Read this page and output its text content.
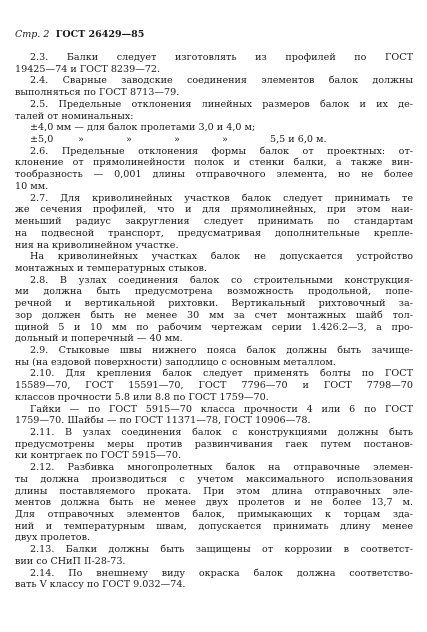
Стр. 2 ГОСТ 26429—85
2.3. Балки следует изготовлять из профилей по ГОСТ
19425—74 и ГОСТ 8239—72.
2.4. Сварные заводские соединения элементов балок должны
выполняться по ГОСТ 8713—79.
2.5. Предельные отклонения линейных размеров балок и их де-
талей от номинальных:
±4,0 мм — для балок пролетами 3,0 и 4,0 м;
±5,0	»	»	»	»	5,5 и 6,0 м.
2.6. Предельные отклонения формы балок от проектных: от-
клонение от прямолинейности полок и стенки балки, а также вин-
тообразность — 0,001 длины отправочного элемента, но не более
10 мм.
2.7. Для криволинейных участков балок следует принимать те
же сечения профилей, что и для прямолинейных, при этом наи-
меньший радиус закругления следует принимать по стандартам
на подвесной транспорт, предусматривая дополнительные крепле-
ния на криволинейном участке.
На криволинейных участках балок не допускается устройство
монтажных и температурных стыков.
2.8. В узлах соединения балок со строительными конструкция-
ми должна быть предусмотрена возможность продольной, попе-
речной и вертикальной рихтовки. Вертикальный рихтовочный за-
зор должен быть не менее 30 мм за счет монтажных шайб тол-
щиной 5 и 10 мм по рабочим чертежам серии 1.426.2—3, а про-
дольный и поперечный — 40 мм.
2.9. Стыковые швы нижнего пояса балок должны быть зачище-
ны (на ездовой поверхности) заподлицо с основным металлом.
2.10. Для крепления балок следует применять болты по ГОСТ
15589—70, ГОСТ 15591—70, ГОСТ 7796—70 и ГОСТ 7798—70
классов прочности 5.8 или 8.8 по ГОСТ 1759—70.
Гайки — по ГОСТ 5915—70 класса прочности 4 или 6 по ГОСТ
1759—70. Шайбы — по ГОСТ 11371—78, ГОСТ 10906—78.
2.11. В узлах соединения балок с конструкциями должны быть
предусмотрены меры против развинчивания гаек путем постанов-
ки контргаек по ГОСТ 5915—70.
2.12. Разбивка многопролетных балок на отправочные элемен-
ты должна производиться с учетом максимального использования
длины поставляемого проката. При этом длина отправочных эле-
ментов должна быть не менее двух пролетов и не более 13,7 м.
Для отправочных элементов балок, примыкающих к торцам зда-
ний и температурным швам, допускается принимать длину менее
двух пролетов.
2.13. Балки должны быть защищены от коррозии в соответст-
вии со СНиП II-28-73.
2.14. По внешнему виду окраска балок должна соответство-
вать V классу по ГОСТ 9.032—74.
